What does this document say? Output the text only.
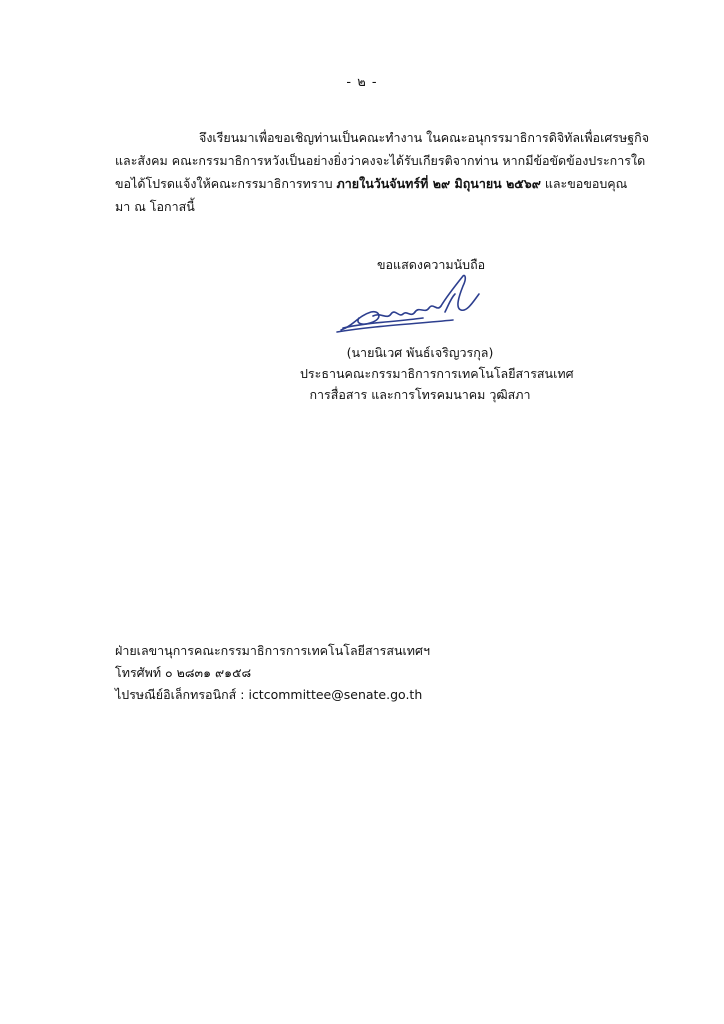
- ๒ -
จึงเรียนมาเพื่อขอเชิญท่านเป็นคณะทำงาน ในคณะอนุกรรมาธิการดิจิทัลเพื่อเศรษฐกิจ
และสังคม คณะกรรมาธิการหวังเป็นอย่างยิ่งว่าคงจะได้รับเกียรติจากท่าน หากมีข้อขัดข้องประการใด
ขอได้โปรดแจ้งให้คณะกรรมาธิการทราบ ภายในวันจันทร์ที่ ๒๙ มิถุนายน ๒๕๖๙ และขอขอบคุณ
มา ณ โอกาสนี้
ขอแสดงความนับถือ
(นายนิเวศ พันธ์เจริญวรกุล)
ประธานคณะกรรมาธิการการเทคโนโลยีสารสนเทศ
การสื่อสาร และการโทรคมนาคม วุฒิสภา
ฝ่ายเลขานุการคณะกรรมาธิการการเทคโนโลยีสารสนเทศฯ
โทรศัพท์ ๐ ๒๘๓๑ ๙๑๕๘
ไปรษณีย์อิเล็กทรอนิกส์ : ictcommittee@senate.go.th
